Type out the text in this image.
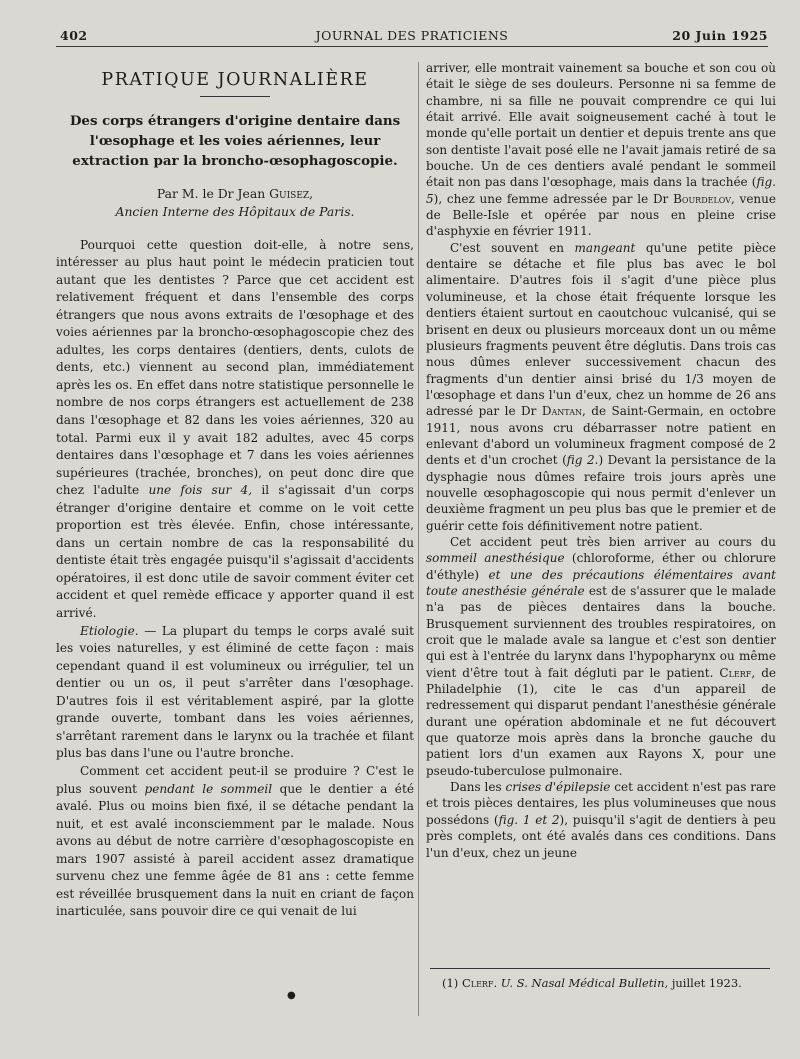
402	JOURNAL DES PRATICIENS	20 Juin 1925
PRATIQUE JOURNALIÈRE
Des corps étrangers d'origine dentaire dans l'œsophage et les voies aériennes, leur extraction par la broncho-œsophagoscopie.
Par M. le Dr Jean Guisez,
Ancien Interne des Hôpitaux de Paris.

Pourquoi cette question doit-elle, à notre sens, intéresser au plus haut point le médecin praticien tout autant que les dentistes ? Parce que cet accident est relativement fréquent et dans l'ensemble des corps étrangers que nous avons extraits de l'œsophage et des voies aériennes par la broncho-œsophagoscopie chez des adultes, les corps dentaires (dentiers, dents, culots de dents, etc.) viennent au second plan, immédiatement après les os. En effet dans notre statistique personnelle le nombre de nos corps étrangers est actuellement de 238 dans l'œsophage et 82 dans les voies aériennes, 320 au total. Parmi eux il y avait 182 adultes, avec 45 corps dentaires dans l'œsophage et 7 dans les voies aériennes supérieures (trachée, bronches), on peut donc dire que chez l'adulte une fois sur 4, il s'agissait d'un corps étranger d'origine dentaire et comme on le voit cette proportion est très élevée. Enfin, chose intéressante, dans un certain nombre de cas la responsabilité du dentiste était très engagée puisqu'il s'agissait d'accidents opératoires, il est donc utile de savoir comment éviter cet accident et quel remède efficace y apporter quand il est arrivé.

Etiologie. — La plupart du temps le corps avalé suit les voies naturelles, y est éliminé de cette façon : mais cependant quand il est volumineux ou irrégulier, tel un dentier ou un os, il peut s'arrêter dans l'œsophage. D'autres fois il est véritablement aspiré, par la glotte grande ouverte, tombant dans les voies aériennes, s'arrêtant rarement dans le larynx ou la trachée et filant plus bas dans l'une ou l'autre bronche.

Comment cet accident peut-il se produire ? C'est le plus souvent pendant le sommeil que le dentier a été avalé. Plus ou moins bien fixé, il se détache pendant la nuit, et est avalé inconsciemment par le malade. Nous avons au début de notre carrière d'œsophagoscopiste en mars 1907 assisté à pareil accident assez dramatique survenu chez une femme âgée de 81 ans : cette femme est réveillée brusquement dans la nuit en criant de façon inarticulée, sans pouvoir dire ce qui venait de lui

arriver, elle montrait vainement sa bouche et son cou où était le siège de ses douleurs. Personne ni sa femme de chambre, ni sa fille ne pouvait comprendre ce qui lui était arrivé. Elle avait soigneusement caché à tout le monde qu'elle portait un dentier et depuis trente ans que son dentiste l'avait posé elle ne l'avait jamais retiré de sa bouche. Un de ces dentiers avalé pendant le sommeil était non pas dans l'œsophage, mais dans la trachée (fig. 5), chez une femme adressée par le Dr Bourdelov, venue de Belle-Isle et opérée par nous en pleine crise d'asphyxie en février 1911.

C'est souvent en mangeant qu'une petite pièce dentaire se détache et file plus bas avec le bol alimentaire. D'autres fois il s'agit d'une pièce plus volumineuse, et la chose était fréquente lorsque les dentiers étaient surtout en caoutchouc vulcanisé, qui se brisent en deux ou plusieurs morceaux dont un ou même plusieurs fragments peuvent être déglutis. Dans trois cas nous dûmes enlever successivement chacun des fragments d'un dentier ainsi brisé du 1/3 moyen de l'œsophage et dans l'un d'eux, chez un homme de 26 ans adressé par le Dr Dantan, de Saint-Germain, en octobre 1911, nous avons cru débarrasser notre patient en enlevant d'abord un volumineux fragment composé de 2 dents et d'un crochet (fig 2.) Devant la persistance de la dysphagie nous dûmes refaire trois jours après une nouvelle œsophagoscopie qui nous permit d'enlever un deuxième fragment un peu plus bas que le premier et de guérir cette fois définitivement notre patient.

Cet accident peut très bien arriver au cours du sommeil anesthésique (chloroforme, éther ou chlorure d'éthyle) et une des précautions élémentaires avant toute anesthésie générale est de s'assurer que le malade n'a pas de pièces dentaires dans la bouche. Brusquement surviennent des troubles respiratoires, on croit que le malade avale sa langue et c'est son dentier qui est à l'entrée du larynx dans l'hypopharynx ou même vient d'être tout à fait dégluti par le patient. Clerf, de Philadelphie (1), cite le cas d'un appareil de redressement qui disparut pendant l'anesthésie générale durant une opération abdominale et ne fut découvert que quatorze mois après dans la bronche gauche du patient lors d'un examen aux Rayons X, pour une pseudo-tuberculose pulmonaire.

Dans les crises d'épilepsie cet accident n'est pas rare et trois pièces dentaires, les plus volumineuses que nous possédons (fig. 1 et 2), puisqu'il s'agit de dentiers à peu près complets, ont été avalés dans ces conditions. Dans l'un d'eux, chez un jeune

(1) Clerf. U. S. Nasal Médical Bulletin, juillet 1923.
●
